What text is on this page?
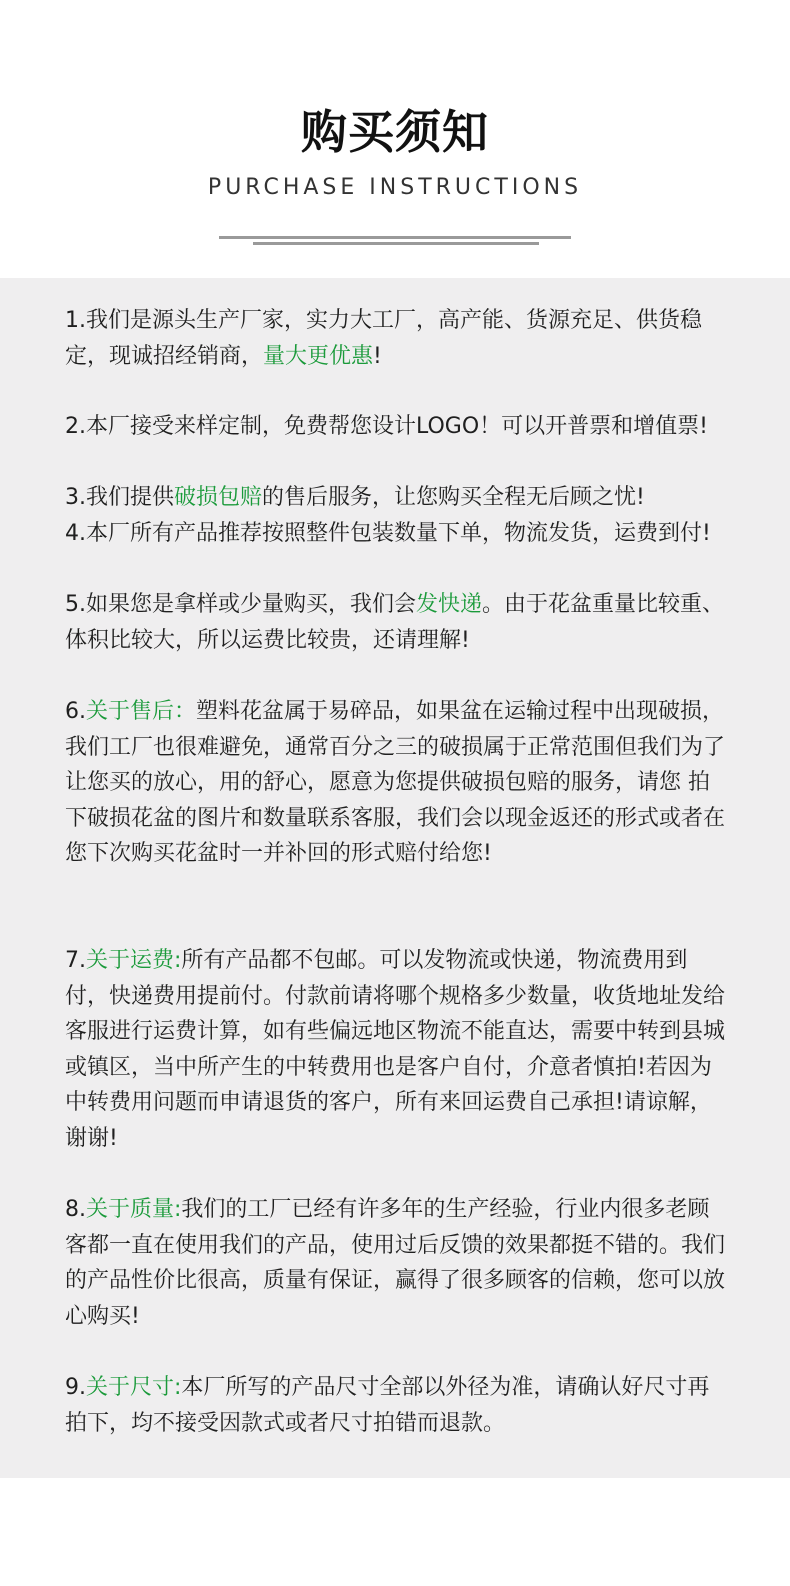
购买须知
PURCHASE INSTRUCTIONS

1.我们是源头生产厂家，实力大工厂，高产能、货源充足、供货稳定，现诚招经销商，量大更优惠!

2.本厂接受来样定制，免费帮您设计LOGO！可以开普票和增值票!

3.我们提供破损包赔的售后服务，让您购买全程无后顾之忧!

4.本厂所有产品推荐按照整件包装数量下单，物流发货，运费到付!

5.如果您是拿样或少量购买，我们会发快递。由于花盆重量比较重、体积比较大，所以运费比较贵，还请理解!

6.关于售后：塑料花盆属于易碎品，如果盆在运输过程中出现破损，我们工厂也很难避免，通常百分之三的破损属于正常范围但我们为了让您买的放心，用的舒心，愿意为您提供破损包赔的服务，请您 拍下破损花盆的图片和数量联系客服，我们会以现金返还的形式或者在您下次购买花盆时一并补回的形式赔付给您!

7.关于运费:所有产品都不包邮。可以发物流或快递，物流费用到付，快递费用提前付。付款前请将哪个规格多少数量，收货地址发给客服进行运费计算，如有些偏远地区物流不能直达，需要中转到县城或镇区，当中所产生的中转费用也是客户自付，介意者慎拍!若因为中转费用问题而申请退货的客户，所有来回运费自己承担!请谅解，谢谢!

8.关于质量:我们的工厂已经有许多年的生产经验，行业内很多老顾客都一直在使用我们的产品，使用过后反馈的效果都挺不错的。我们的产品性价比很高，质量有保证，赢得了很多顾客的信赖，您可以放心购买!

9.关于尺寸:本厂所写的产品尺寸全部以外径为准，请确认好尺寸再拍下，均不接受因款式或者尺寸拍错而退款。
